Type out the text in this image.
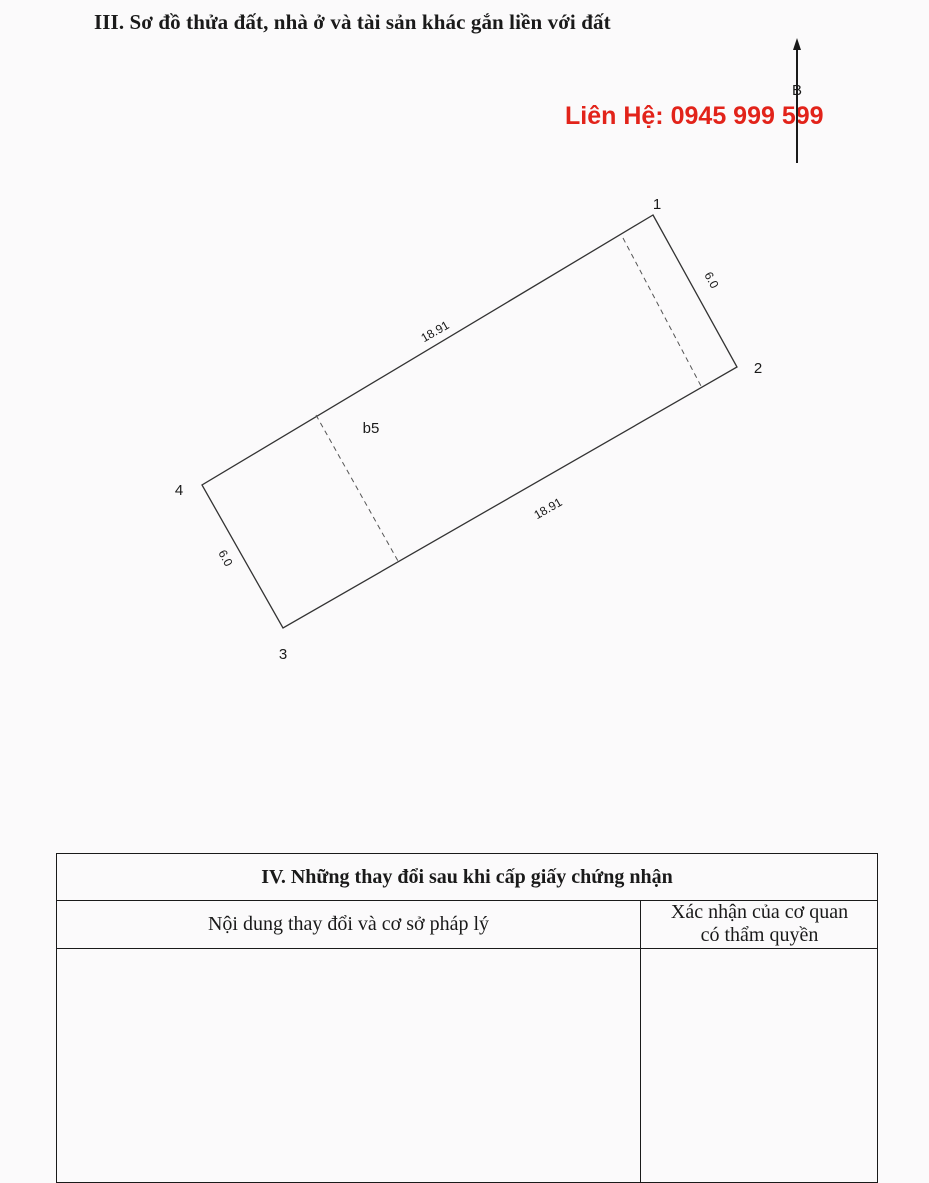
III. Sơ đồ thửa đất, nhà ở và tài sản khác gắn liền với đất
Liên Hệ: 0945 999 599
B
1
2
3
4
18.91
6.0
18.91
6.0
b5
IV. Những thay đổi sau khi cấp giấy chứng nhận
Nội dung thay đổi và cơ sở pháp lý
Xác nhận của cơ quan
có thẩm quyền
